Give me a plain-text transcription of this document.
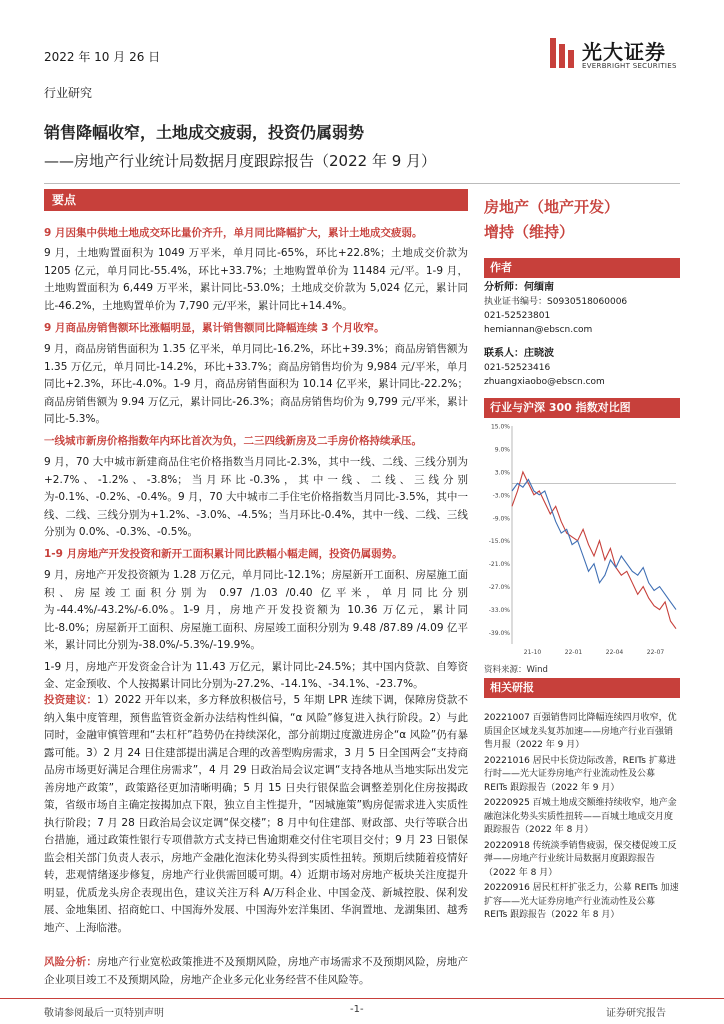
2022 年 10 月 26 日	光大证券
EVERBRIGHT SECURITIES
行业研究
销售降幅收窄，土地成交疲弱，投资仍属弱势
——房地产行业统计局数据月度跟踪报告（2022 年 9 月）
要点
9 月因集中供地土地成交环比量价齐升，单月同比降幅扩大，累计土地成交疲弱。

9 月，土地购置面积为 1049 万平米，单月同比-65%，环比+22.8%；土地成交价款为 1205 亿元，单月同比-55.4%，环比+33.7%；土地购置单价为 11484 元/平。1-9 月，土地购置面积为 6,449 万平米，累计同比-53.0%；土地成交价款为 5,024 亿元，累计同比-46.2%，土地购置单价为 7,790 元/平米，累计同比+14.4%。

9 月商品房销售额环比涨幅明显，累计销售额同比降幅连续 3 个月收窄。

9 月，商品房销售面积为 1.35 亿平米，单月同比-16.2%，环比+39.3%；商品房销售额为 1.35 万亿元，单月同比-14.2%，环比+33.7%；商品房销售均价为 9,984 元/平米，单月同比+2.3%，环比-4.0%。1-9 月，商品房销售面积为 10.14 亿平米，累计同比-22.2%；商品房销售额为 9.94 万亿元，累计同比-26.3%；商品房销售均价为 9,799 元/平米，累计同比-5.3%。

一线城市新房价格指数年内环比首次为负，二三四线新房及二手房价格持续承压。

9 月，70 大中城市新建商品住宅价格指数当月同比-2.3%，其中一线、二线、三线分别为+2.7%、-1.2%、-3.8%；当月环比-0.3%，其中一线、二线、三线分别为-0.1%、-0.2%、-0.4%。9 月，70 大中城市二手住宅价格指数当月同比-3.5%，其中一线、二线、三线分别为+1.2%、-3.0%、-4.5%；当月环比-0.4%，其中一线、二线、三线分别为 0.0%、-0.3%、-0.5%。

1-9 月房地产开发投资和新开工面积累计同比跌幅小幅走阔，投资仍属弱势。

9 月，房地产开发投资额为 1.28 万亿元，单月同比-12.1%；房屋新开工面积、房屋施工面积、房屋竣工面积分别为 0.97 /1.03 /0.40 亿平米，单月同比分别为-44.4%/-43.2%/-6.0%。1-9 月，房地产开发投资额为 10.36 万亿元，累计同比-8.0%；房屋新开工面积、房屋施工面积、房屋竣工面积分别为 9.48 /87.89 /4.09 亿平米，累计同比分别为-38.0%/-5.3%/-19.9%。

1-9 月，房地产开发资金合计为 11.43 万亿元，累计同比-24.5%；其中国内贷款、自筹资金、定金预收、个人按揭累计同比分别为-27.2%、-14.1%、-34.1%、-23.7%。

投资建议：1）2022 开年以来，多方释放积极信号，5 年期 LPR 连续下调，保障房贷款不纳入集中度管理，预售监管资金新办法结构性纠偏，“α 风险”修复进入执行阶段。2）与此同时，金融审慎管理和“去杠杆”趋势仍在持续深化，部分前期过度激进房企“α 风险”仍有暴露可能。3）2 月 24 日住建部提出满足合理的改善型购房需求，3 月 5 日全国两会“支持商品房市场更好满足合理住房需求”，4 月 29 日政治局会议定调“支持各地从当地实际出发完善房地产政策”，政策路径更加清晰明确；5 月 15 日央行银保监会调整差别化住房按揭政策，省级市场自主确定按揭加点下限，独立自主性提升，“因城施策”购房促需求进入实质性执行阶段；7 月 28 日政治局会议定调“保交楼”；8 月中旬住建部、财政部、央行等联合出台措施，通过政策性银行专项借款方式支持已售逾期难交付住宅项目交付；9 月 23 日银保监会相关部门负责人表示，房地产金融化泡沫化势头得到实质性扭转。预期后续随着疫情好转，悲观情绪逐步修复，房地产行业供需回暖可期。4）近期市场对房地产板块关注度提升明显，优质龙头房企表现出色，建议关注万科 A/万科企业、中国金茂、新城控股、保利发展、金地集团、招商蛇口、中国海外发展、中国海外宏洋集团、华润置地、龙湖集团、越秀地产、上海临港。

风险分析：房地产行业宽松政策推进不及预期风险，房地产市场需求不及预期风险，房地产企业项目竣工不及预期风险，房地产企业多元化业务经营不佳风险等。

房地产（地产开发）
增持（维持）
作者
分析师：何缅南
执业证书编号：S0930518060006
021-52523801
hemiannan@ebscn.com
联系人：庄晓波
021-52523416
zhuangxiaobo@ebscn.com
行业与沪深 300 指数对比图
15.0%
9.0%
3.0%
-3.0%
-9.0%
-15.0%
-21.0%
-27.0%
-33.0%
-39.0%
21-10	22-01	22-04	22-07
资料来源：Wind
相关研报

20221007 百强销售同比降幅连续四月收窄，优质国企区域龙头复苏加速——房地产行业百强销售月报（2022 年 9 月）

20221016 居民中长贷边际改善，REITs 扩募进行时——光大证券房地产行业流动性及公募 REITs 跟踪报告（2022 年 9 月）

20220925 百城土地成交额维持续收窄，地产金融泡沫化势头实质性扭转——百城土地成交月度跟踪报告（2022 年 8 月）

20220918 传统淡季销售疲弱，保交楼促竣工反弹——房地产行业统计局数据月度跟踪报告（2022 年 8 月）

20220916 居民杠杆扩张乏力，公募 REITs 加速扩容——光大证券房地产行业流动性及公募 REITs 跟踪报告（2022 年 8 月）

敬请参阅最后一页特别声明	-1-	证券研究报告
